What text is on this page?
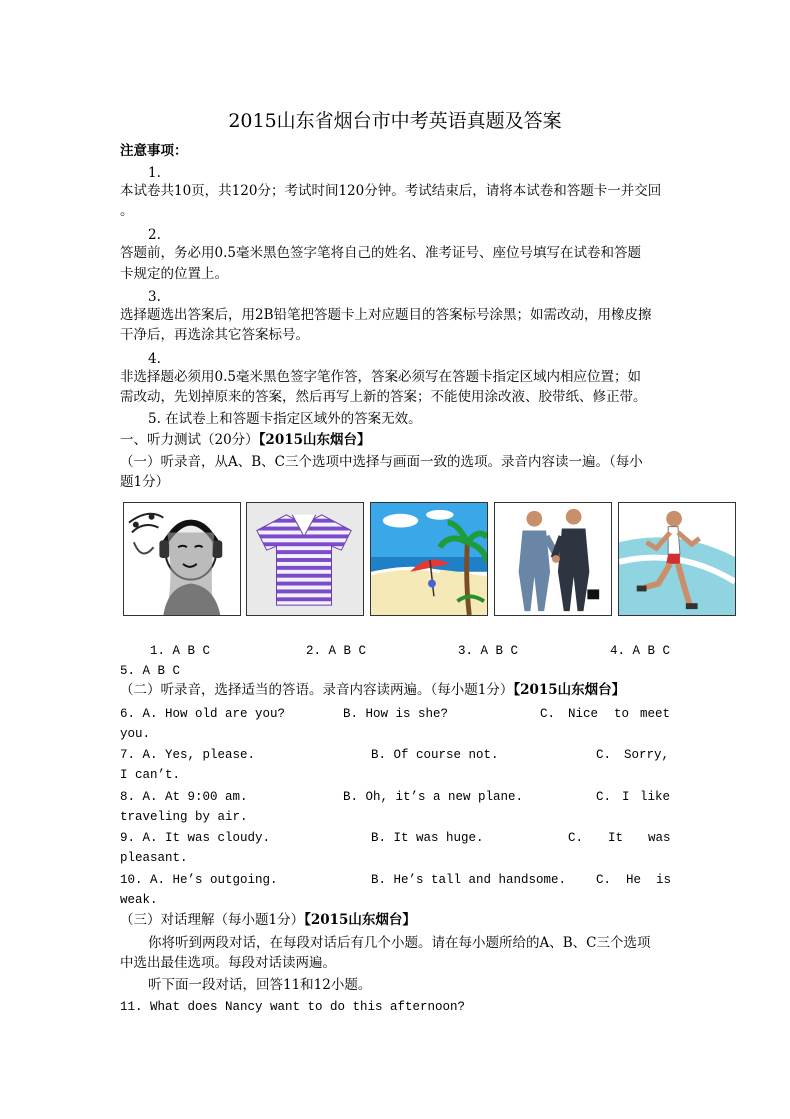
2015山东省烟台市中考英语真题及答案
注意事项：
1.
本试卷共10页，共120分；考试时间120分钟。考试结束后，请将本试卷和答题卡一并交回
。
2.
答题前，务必用0.5毫米黑色签字笔将自己的姓名、准考证号、座位号填写在试卷和答题
卡规定的位置上。
3.
选择题选出答案后，用2B铅笔把答题卡上对应题目的答案标号涂黑；如需改动，用橡皮擦
干净后，再选涂其它答案标号。
4.
非选择题必须用0.5毫米黑色签字笔作答，答案必须写在答题卡指定区域内相应位置；如
需改动，先划掉原来的答案，然后再写上新的答案；不能使用涂改液、胶带纸、修正带。
5. 在试卷上和答题卡指定区域外的答案无效。
一、听力测试（20分）【2015山东烟台】
（一）听录音，从A、B、C三个选项中选择与画面一致的选项。录音内容读一遍。（每小
题1分）
1. A B C	2. A B C	3. A B C	4. A B C
5. A B C
（二）听录音，选择适当的答语。录音内容读两遍。（每小题1分）【2015山东烟台】
6. A. How old are you?	B. How is she?	C. Nice to meet
you.
7. A. Yes, please.	B. Of course not.	C. Sorry,
I can’t.
8. A. At 9:00 am.	B. Oh, it’s a new plane.	C. I like
traveling by air.
9. A. It was cloudy.	B. It was huge.	C. It was
pleasant.
10. A. He’s outgoing.	B. He’s tall and handsome. C. He is
weak.
（三）对话理解（每小题1分）【2015山东烟台】
你将听到两段对话，在每段对话后有几个小题。请在每小题所给的A、B、C三个选项
中选出最佳选项。每段对话读两遍。
听下面一段对话，回答11和12小题。
11. What does Nancy want to do this afternoon?
